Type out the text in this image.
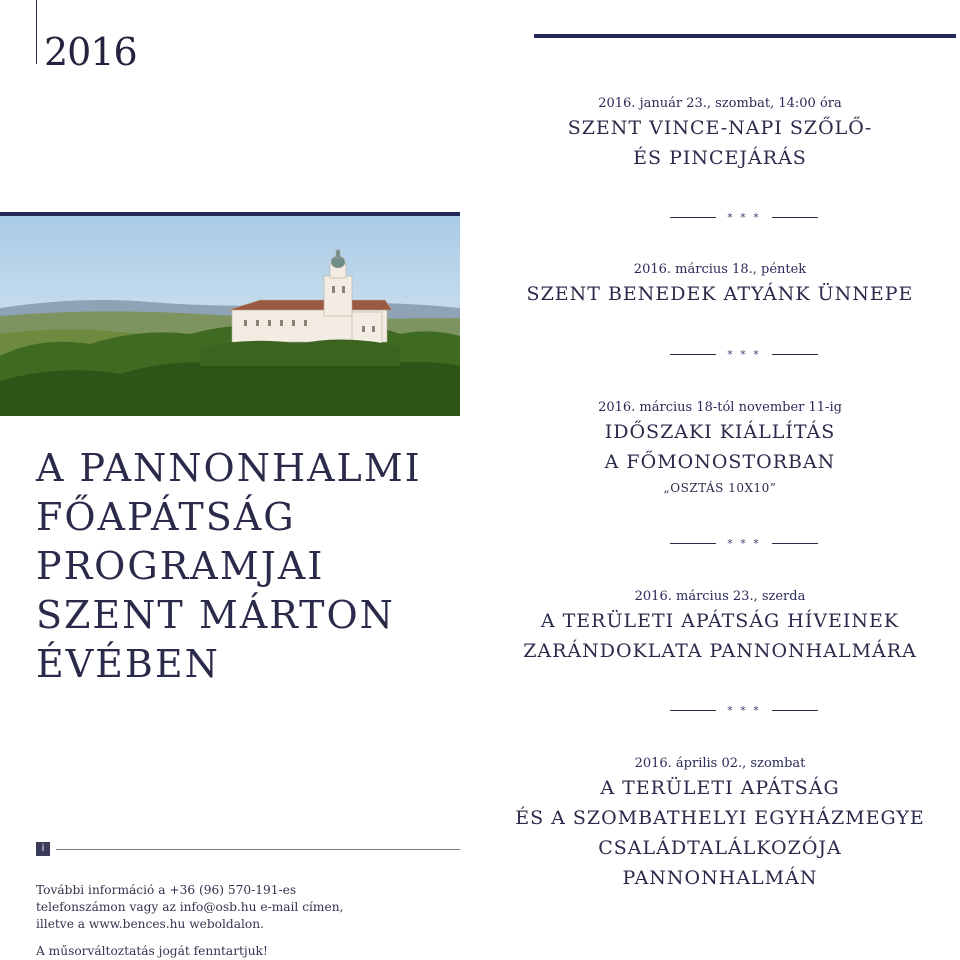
2016
A PANNONHALMI
FŐAPÁTSÁG
PROGRAMJAI
SZENT MÁRTON
ÉVÉBEN
i
További információ a +36 (96) 570-191-es
telefonszámon vagy az info@osb.hu e-mail címen,
illetve a www.bences.hu weboldalon.
A műsorváltoztatás jogát fenntartjuk!
2016. január 23., szombat, 14:00 óra
SZENT VINCE-NAPI SZŐLŐ-
ÉS PINCEJÁRÁS
* * *
2016. március 18., péntek
SZENT BENEDEK ATYÁNK ÜNNEPE
* * *
2016. március 18-tól november 11-ig
IDŐSZAKI KIÁLLÍTÁS
A FŐMONOSTORBAN
„OSZTÁS 10X10”
* * *
2016. március 23., szerda
A TERÜLETI APÁTSÁG HÍVEINEK
ZARÁNDOKLATA PANNONHALMÁRA
* * *
2016. április 02., szombat
A TERÜLETI APÁTSÁG
ÉS A SZOMBATHELYI EGYHÁZMEGYE
CSALÁDTALÁLKOZÓJA
PANNONHALMÁN
